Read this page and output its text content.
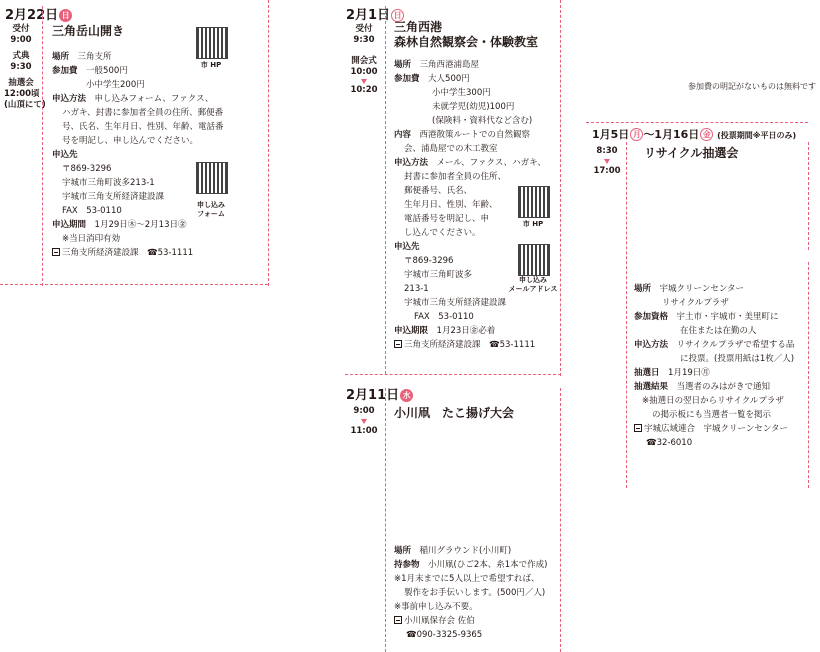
2月22日 日
受付
9:00
式典
9:30
抽選会
12:00頃
(山頂にて)
三角岳山開き
場所　 三角支所
参加費　 一般500円
小中学生200円
申込方法　 申し込みフォーム、ファクス、
ハガキ、封書に参加者全員の住所、郵便番
号、氏名、生年月日、性別、年齢、電話番
号を明記し、申し込んでください。
申込先
〒869-3296
宇城市三角町波多213-1
宇城市三角支所経済建設課
FAX　53-0110
申込期間　 1月29日㊍～2月13日㊎
※当日消印有効
三角支所経済建設課　 ☎53-1111
市 HP
申し込み
フォーム
2月1日 日
受付
9:30
開会式
10:00
10:20
三角西港
森林自然観察会・体験教室
場所　 三角西港浦島屋
参加費　 大人500円
小中学生300円
未就学児(幼児)100円
(保険料・資料代など含む)
内容　 西港散策ルートでの自然観察
会、浦島屋での木工教室
申込方法　 メール、ファクス、ハガキ、
封書に参加者全員の住所、
郵便番号、氏名、
生年月日、性別、年齢、
電話番号を明記し、申
し込んでください。
申込先
〒869-3296
宇城市三角町波多
213-1
宇城市三角支所経済建設課
FAX　53-0110
申込期限　 1月23日㊎必着
三角支所経済建設課　 ☎53-1111
市 HP
申し込み
メールアドレス
2月11日 水
9:00
11:00
小川凧　たこ揚げ大会
場所　 稲川グラウンド(小川町)
持参物　 小川凧(ひご2本、糸1本で作成)
※1月末までに5人以上で希望すれば、
製作をお手伝いします。(500円／人)
※事前申し込み不要。
小川凧保存会 佐伯
☎090-3325-9365
参加費の明記がないものは無料です
1月5日 月 ～1月16日 金 (投票期間※平日のみ)
8:30
17:00
リサイクル抽選会
場所　 宇城クリーンセンター
リサイクルプラザ
参加資格　 宇土市・宇城市・美里町に
在住または在勤の人
申込方法　 リサイクルプラザで希望する品
に投票。(投票用紙は1枚／人)
抽選日　 1月19日㊊
抽選結果　 当選者のみはがきで通知
※抽選日の翌日からリサイクルプラザ
の掲示板にも当選者一覧を掲示
宇城広域連合　宇城クリーンセンター
☎32-6010
